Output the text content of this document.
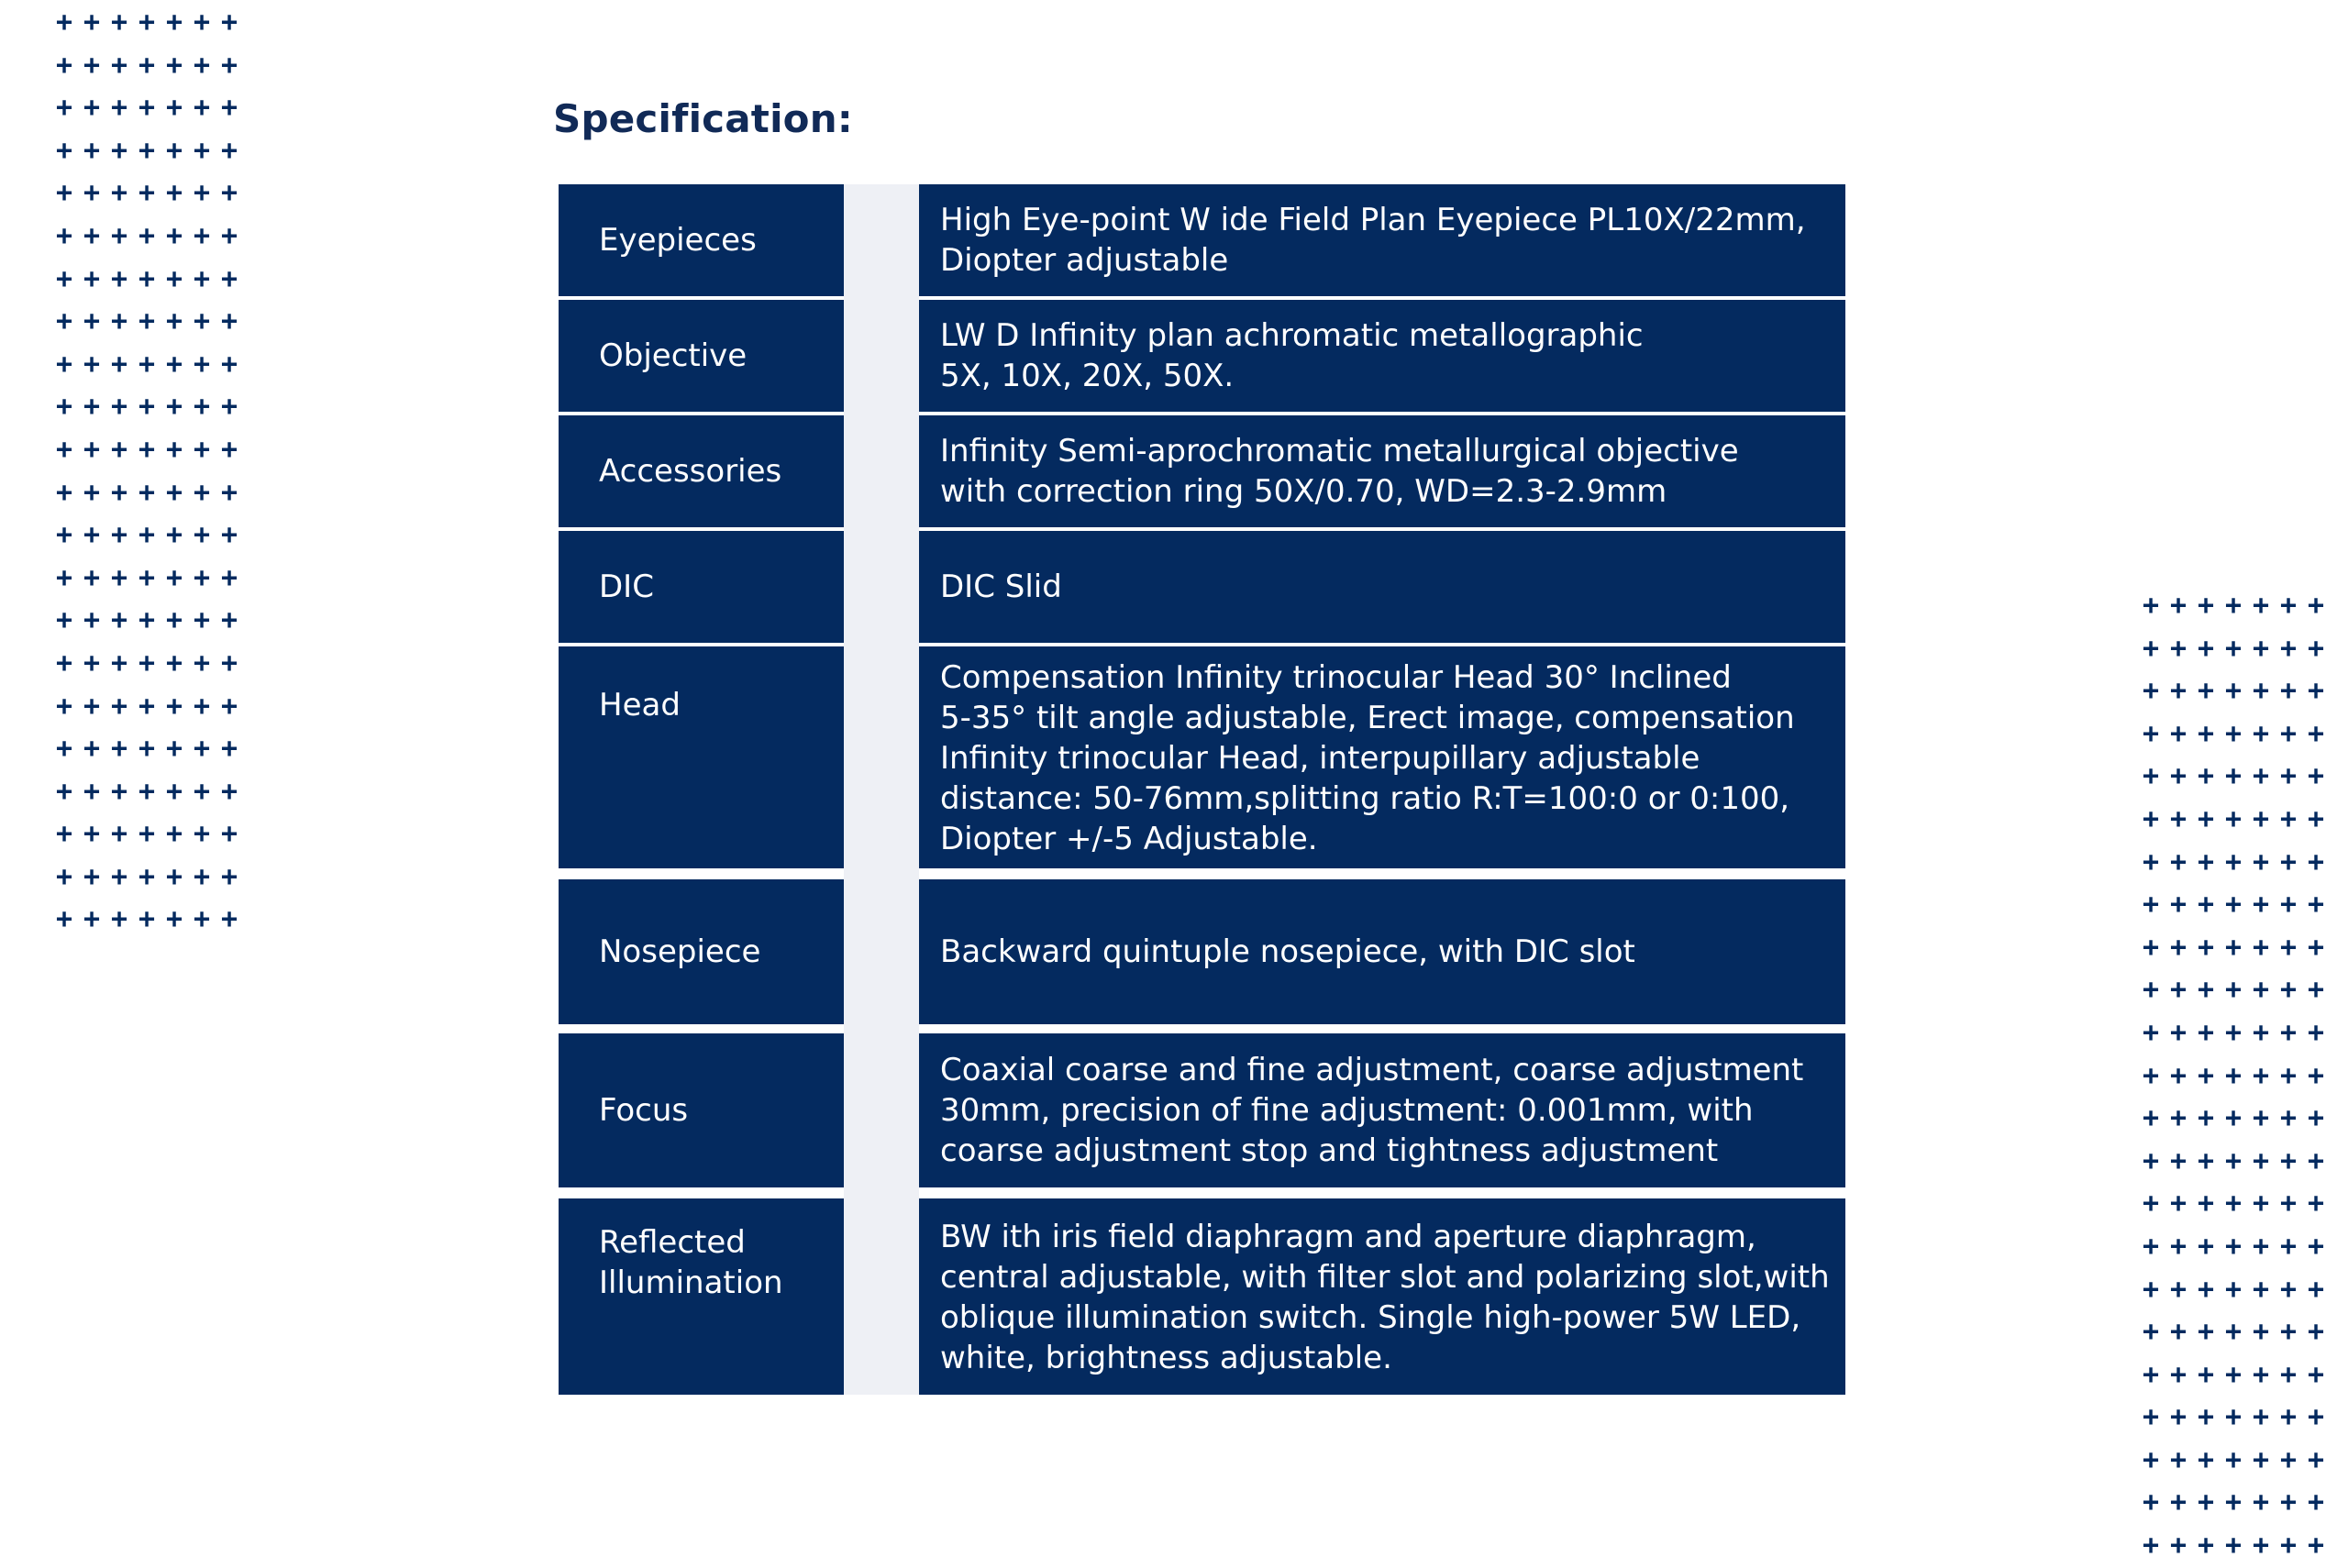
+ + + + + + +
+ + + + + + +
+ + + + + + +
+ + + + + + +
+ + + + + + +
+ + + + + + +
+ + + + + + +
+ + + + + + +
+ + + + + + +
+ + + + + + +
+ + + + + + +
+ + + + + + +
+ + + + + + +
+ + + + + + +
+ + + + + + +
+ + + + + + +
+ + + + + + +
+ + + + + + +
+ + + + + + +
+ + + + + + +
+ + + + + + +
+ + + + + + +
+ + + + + + +
+ + + + + + +
+ + + + + + +
+ + + + + + +
+ + + + + + +
+ + + + + + +
+ + + + + + +
+ + + + + + +
+ + + + + + +
+ + + + + + +
+ + + + + + +
+ + + + + + +
+ + + + + + +
+ + + + + + +
+ + + + + + +
+ + + + + + +
+ + + + + + +
+ + + + + + +
+ + + + + + +
+ + + + + + +
+ + + + + + +
+ + + + + + +
+ + + + + + +
Specification:
Eyepieces
High Eye-point W ide Field Plan Eyepiece PL10X/22mm,
Diopter adjustable
Objective
LW D Infinity plan achromatic metallographic
5X, 10X, 20X, 50X.
Accessories
Infinity Semi-aprochromatic metallurgical objective
with correction ring 50X/0.70, WD=2.3-2.9mm
DIC	DIC Slid
Head
Compensation Infinity trinocular Head 30° Inclined
5-35° tilt angle adjustable, Erect image, compensation
Infinity trinocular Head, interpupillary adjustable
distance: 50-76mm,splitting ratio R:T=100:0 or 0:100,
Diopter +/-5 Adjustable.
Nosepiece	Backward quintuple nosepiece, with DIC slot
Focus
Coaxial coarse and fine adjustment, coarse adjustment
30mm, precision of fine adjustment: 0.001mm, with
coarse adjustment stop and tightness adjustment
Reflected
Illumination
BW ith iris field diaphragm and aperture diaphragm,
central adjustable, with filter slot and polarizing slot,with
oblique illumination switch. Single high-power 5W LED,
white, brightness adjustable.
